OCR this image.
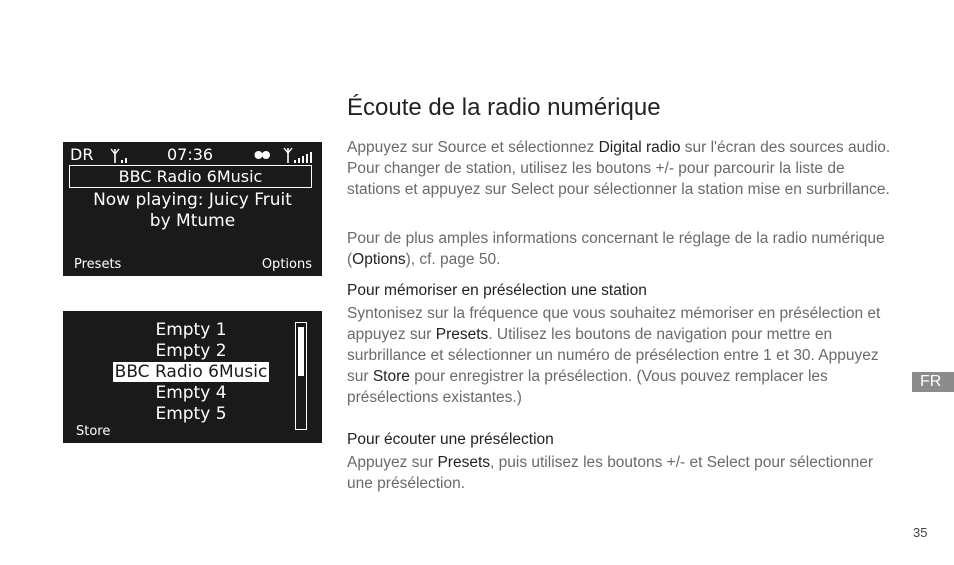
DR	07:36
BBC Radio 6Music
Now playing: Juicy Fruit
by Mtume
Presets	Options
Empty 1
Empty 2
BBC Radio 6Music
Empty 4
Empty 5
Store
Écoute de la radio numérique

Appuyez sur Source et sélectionnez Digital radio sur l'écran des sources audio. Pour changer de station, utilisez les boutons +/- pour parcourir la liste de stations et appuyez sur Select pour sélectionner la station mise en surbrillance.

Pour de plus amples informations concernant le réglage de la radio numérique (Options), cf. page 50.

Pour mémoriser en présélection une station

Syntonisez sur la fréquence que vous souhaitez mémoriser en présélection et appuyez sur Presets. Utilisez les boutons de navigation pour mettre en surbrillance et sélectionner un numéro de présélection entre 1 et 30. Appuyez sur Store pour enregistrer la présélection. (Vous pouvez remplacer les présélections existantes.)

Pour écouter une présélection

Appuyez sur Presets, puis utilisez les boutons +/- et Select pour sélectionner une présélection.

FR
35
